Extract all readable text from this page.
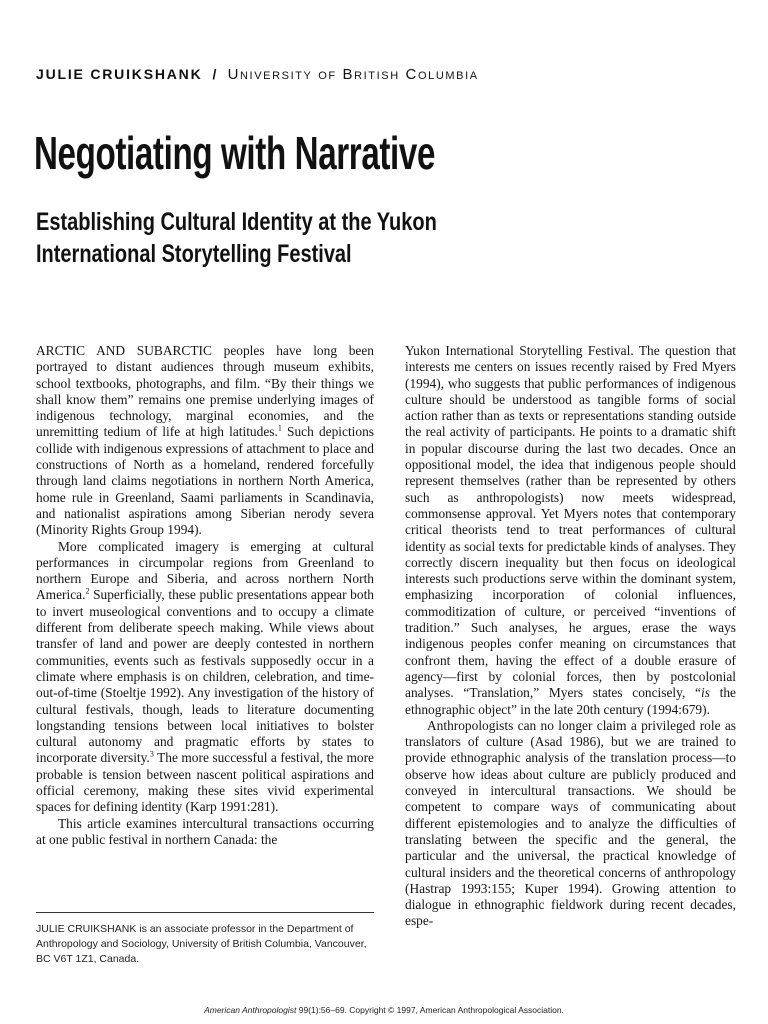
JULIE CRUIKSHANK / University of British Columbia
Negotiating with Narrative
Establishing Cultural Identity at the Yukon
International Storytelling Festival

ARCTIC AND SUBARCTIC peoples have long been portrayed to distant audiences through museum exhibits, school textbooks, photographs, and film. “By their things we shall know them” remains one premise underlying images of indigenous technology, marginal economies, and the unremitting tedium of life at high latitudes.$^1$ Such depictions collide with indigenous expressions of attachment to place and constructions of North as a homeland, rendered forcefully through land claims negotiations in northern North America, home rule in Greenland, Saami parliaments in Scandinavia, and nationalist aspirations among Siberian nerody severa (Minority Rights Group 1994).

More complicated imagery is emerging at cultural performances in circumpolar regions from Greenland to northern Europe and Siberia, and across northern North America.$^2$ Superficially, these public presentations appear both to invert museological conventions and to occupy a climate different from deliberate speech making. While views about transfer of land and power are deeply contested in northern communities, events such as festivals supposedly occur in a climate where emphasis is on children, celebration, and time-out-of-time (Stoeltje 1992). Any investigation of the history of cultural festivals, though, leads to literature documenting longstanding tensions between local initiatives to bolster cultural autonomy and pragmatic efforts by states to incorporate diversity.$^3$ The more successful a festival, the more probable is tension between nascent political aspirations and official ceremony, making these sites vivid experimental spaces for defining identity (Karp 1991:281).

This article examines intercultural transactions occurring at one public festival in northern Canada: the

Yukon International Storytelling Festival. The question that interests me centers on issues recently raised by Fred Myers (1994), who suggests that public performances of indigenous culture should be understood as tangible forms of social action rather than as texts or representations standing outside the real activity of participants. He points to a dramatic shift in popular discourse during the last two decades. Once an oppositional model, the idea that indigenous people should represent themselves (rather than be represented by others such as anthropologists) now meets widespread, commonsense approval. Yet Myers notes that contemporary critical theorists tend to treat performances of cultural identity as social texts for predictable kinds of analyses. They correctly discern inequality but then focus on ideological interests such productions serve within the dominant system, emphasizing incorporation of colonial influences, commoditization of culture, or perceived “inventions of tradition.” Such analyses, he argues, erase the ways indigenous peoples confer meaning on circumstances that confront them, having the effect of a double erasure of agency—first by colonial forces, then by postcolonial analyses. “Translation,” Myers states concisely, “is the ethnographic object” in the late 20th century (1994:679).

Anthropologists can no longer claim a privileged role as translators of culture (Asad 1986), but we are trained to provide ethnographic analysis of the translation process—to observe how ideas about culture are publicly produced and conveyed in intercultural transactions. We should be competent to compare ways of communicating about different epistemologies and to analyze the difficulties of translating between the specific and the general, the particular and the universal, the practical knowledge of cultural insiders and the theoretical concerns of anthropology (Hastrap 1993:155; Kuper 1994). Growing attention to dialogue in ethnographic fieldwork during recent decades, espe-

JULIE CRUIKSHANK is an associate professor in the Department of Anthropology and Sociology, University of British Columbia, Vancouver, BC V6T 1Z1, Canada.
American Anthropologist 99(1):56–69. Copyright © 1997, American Anthropological Association.
